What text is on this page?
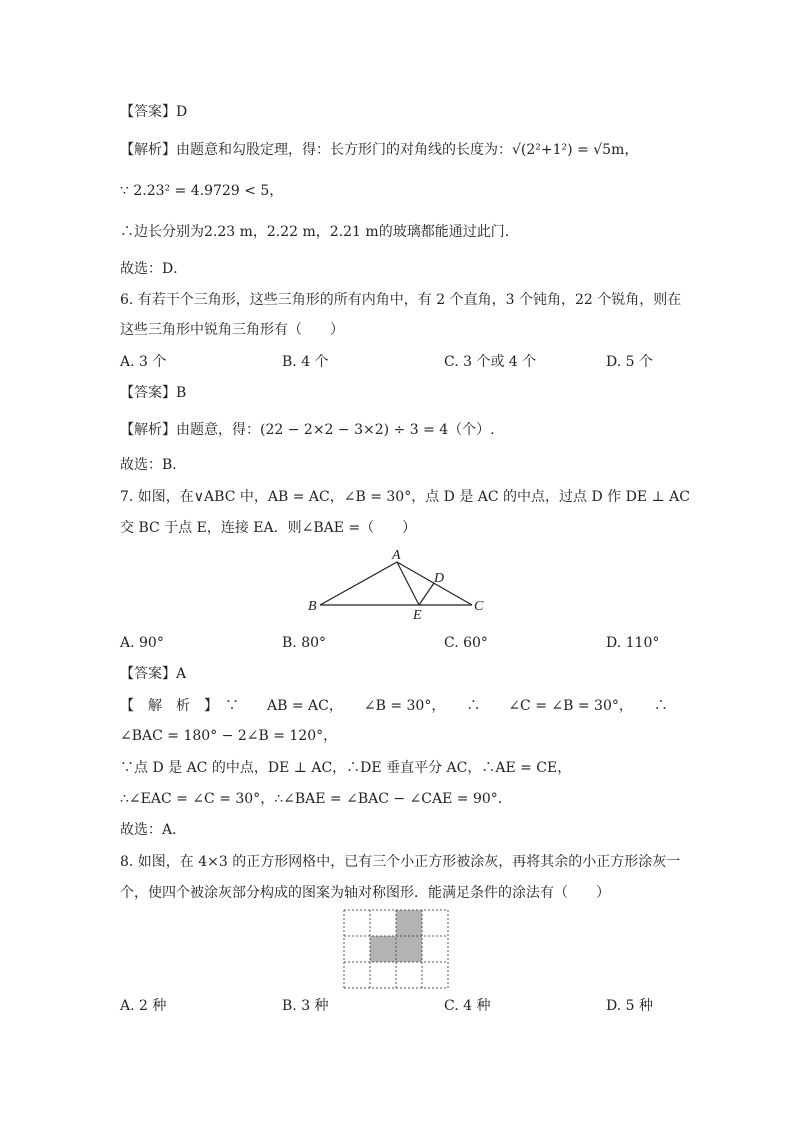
【答案】D
【解析】由题意和勾股定理，得：长方形门的对角线的长度为：√(2²+1²) = √5m，
∵ 2.23² = 4.9729 < 5，
∴边长分别为2.23 m，2.22 m，2.21 m的玻璃都能通过此门.
故选：D．
6. 有若干个三角形，这些三角形的所有内角中，有 2 个直角，3 个钝角，22 个锐角，则在
这些三角形中锐角三角形有（　　）
A. 3 个	B. 4 个	C. 3 个或 4 个	D. 5 个
【答案】B
【解析】由题意，得：(22 − 2×2 − 3×2) ÷ 3 = 4（个）.
故选：B．
7. 如图，在∨ABC 中，AB = AC，∠B = 30°，点 D 是 AC 的中点，过点 D 作 DE ⊥ AC
交 BC 于点 E，连接 EA．则∠BAE =（　　）
A
B	C
D
E
A. 90°	B. 80°	C. 60°	D. 110°
【答案】A
【　解　析　】　∵　　AB = AC，　　∠B = 30°，　　∴　　∠C = ∠B = 30°，　　∴
∠BAC = 180° − 2∠B = 120°，
∵点 D 是 AC 的中点，DE ⊥ AC，∴DE 垂直平分 AC，∴AE = CE，
∴∠EAC = ∠C = 30°，∴∠BAE = ∠BAC − ∠CAE = 90°．
故选：A．
8. 如图，在 4×3 的正方形网格中，已有三个小正方形被涂灰，再将其余的小正方形涂灰一
个，使四个被涂灰部分构成的图案为轴对称图形．能满足条件的涂法有（　　）
A. 2 种	B. 3 种	C. 4 种	D. 5 种
